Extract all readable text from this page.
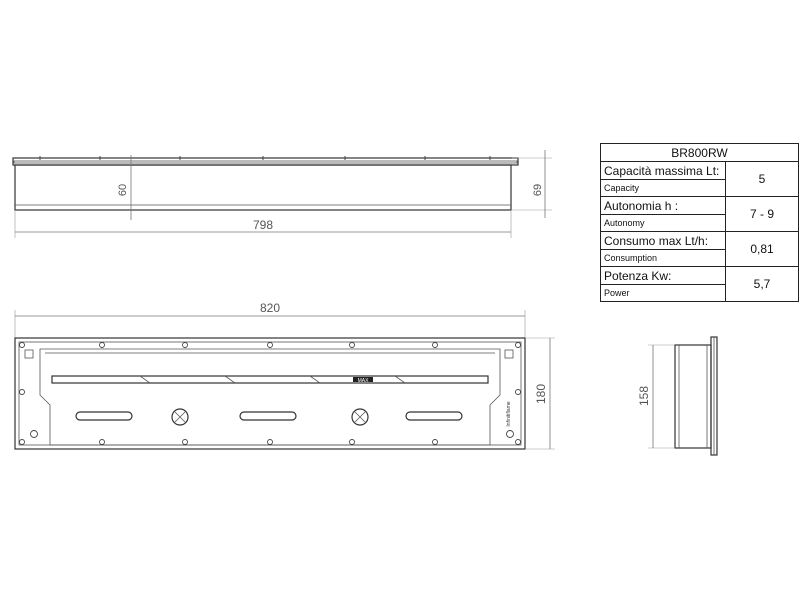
60	69
798
820
MAX
Infinitiflame
180	158
BR800RW	
Capacità massima Lt:	5
Capacity	
Autonomia h :	7 - 9
Autonomy	
Consumo max Lt/h:	0,81
Consumption	
Potenza Kw:	5,7
Power	
